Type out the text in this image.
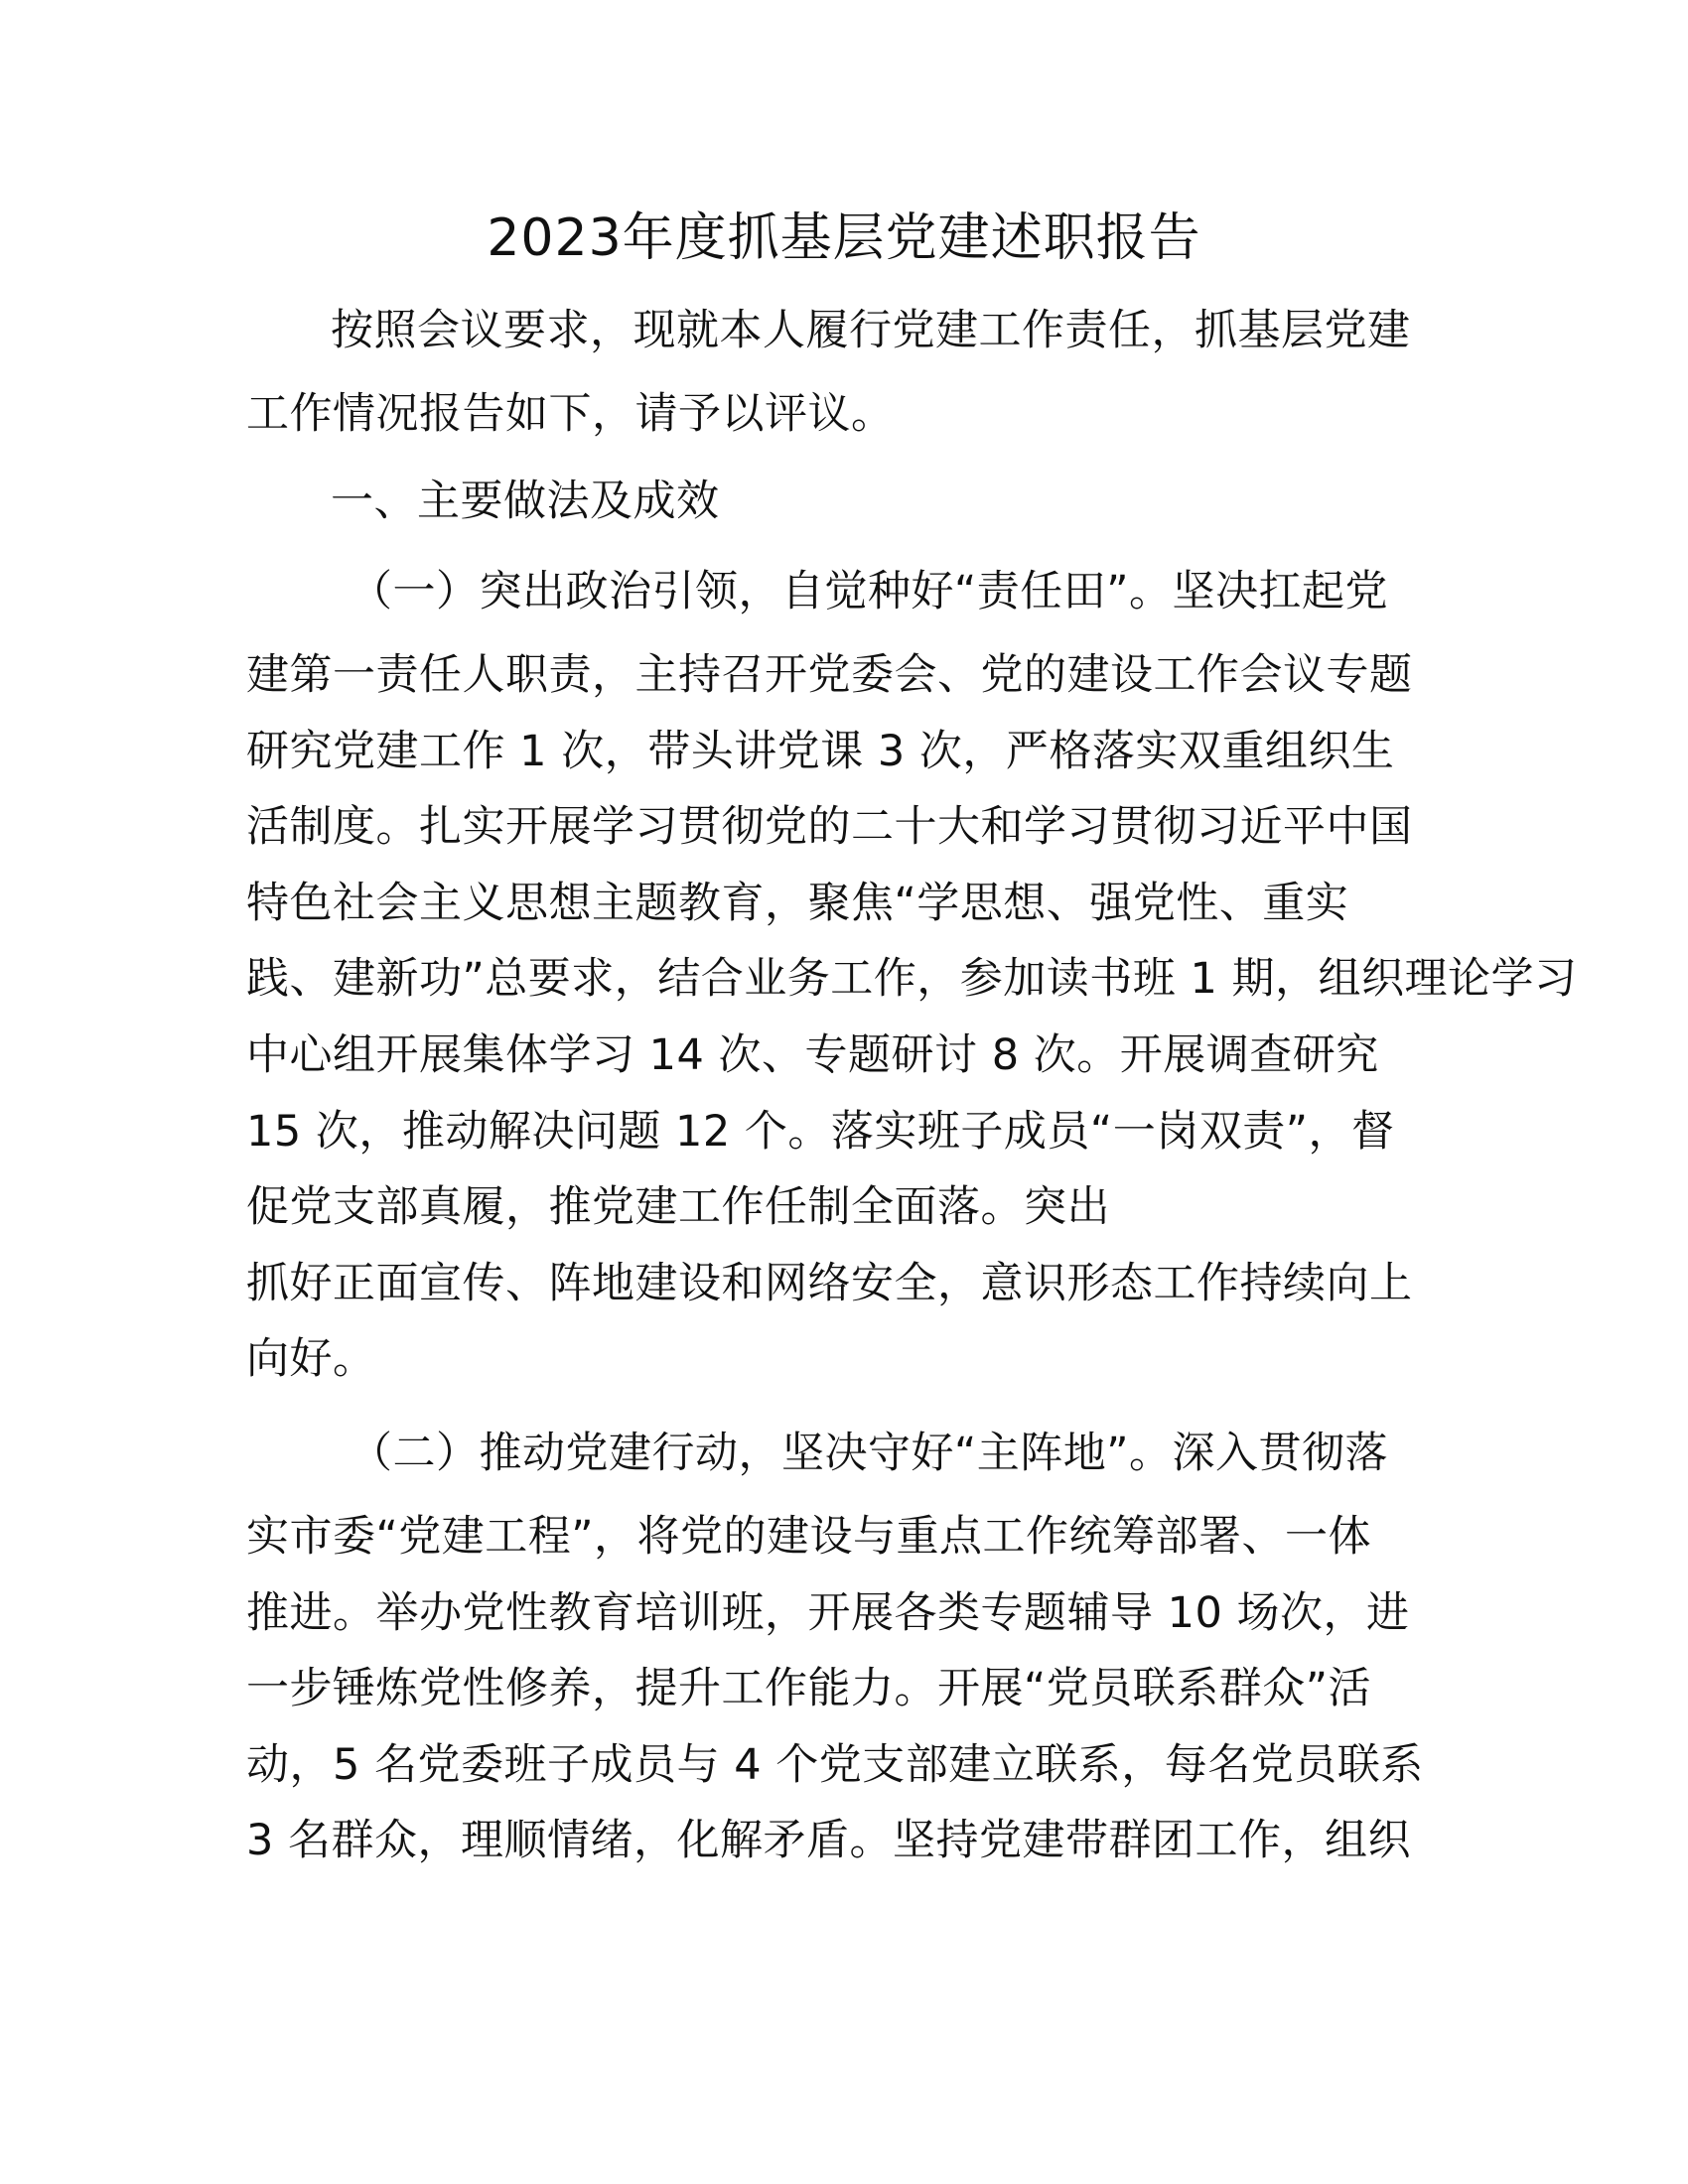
2023年度抓基层党建述职报告
按照会议要求，现就本人履行党建工作责任，抓基层党建
工作情况报告如下，请予以评议。
一、主要做法及成效
（一）突出政治引领，自觉种好“责任田”。坚决扛起党
建第一责任人职责，主持召开党委会、党的建设工作会议专题
研究党建工作 1 次，带头讲党课 3 次，严格落实双重组织生
活制度。扎实开展学习贯彻党的二十大和学习贯彻习近平中国
特色社会主义思想主题教育，聚焦“学思想、强党性、重实
践、建新功”总要求，结合业务工作，参加读书班 1 期，组织理论学习
中心组开展集体学习 14 次、专题研讨 8 次。开展调查研究
15 次，推动解决问题 12 个。落实班子成员“一岗双责”，督
促党支部真履，推党建工作任制全面落。突出
抓好正面宣传、阵地建设和网络安全，意识形态工作持续向上
向好。
（二）推动党建行动，坚决守好“主阵地”。深入贯彻落
实市委“党建工程”，将党的建设与重点工作统筹部署、一体
推进。举办党性教育培训班，开展各类专题辅导 10 场次，进
一步锤炼党性修养，提升工作能力。开展“党员联系群众”活
动，5 名党委班子成员与 4 个党支部建立联系，每名党员联系
3 名群众，理顺情绪，化解矛盾。坚持党建带群团工作，组织
